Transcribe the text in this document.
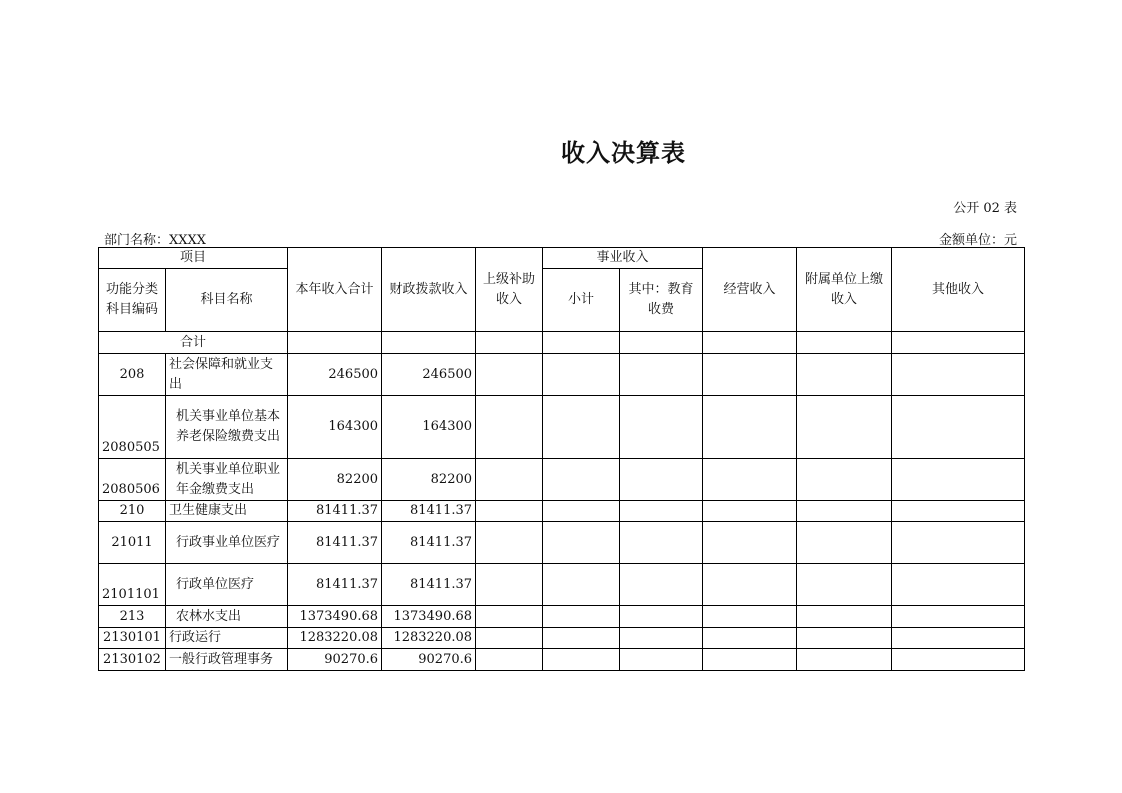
收入决算表
公开 02 表
部门名称：XXXX	金额单位：元
项目		本年收入合计	财政拨款收入	上级补助收入	事业收入		经营收入	附属单位上缴收入	其他收入
功能分类科目编码	科目名称				小计	其中：教育收费			
合计									
208	社会保障和就业支出	246500	246500						
2080505	机关事业单位基本养老保险缴费支出	164300	164300						
2080506	机关事业单位职业年金缴费支出	82200	82200						
210	卫生健康支出	81411.37	81411.37						
21011	行政事业单位医疗	81411.37	81411.37						
2101101	行政单位医疗	81411.37	81411.37						
213	农林水支出	1373490.68	1373490.68						
2130101	行政运行	1283220.08	1283220.08						
2130102	一般行政管理事务	90270.6	90270.6						
